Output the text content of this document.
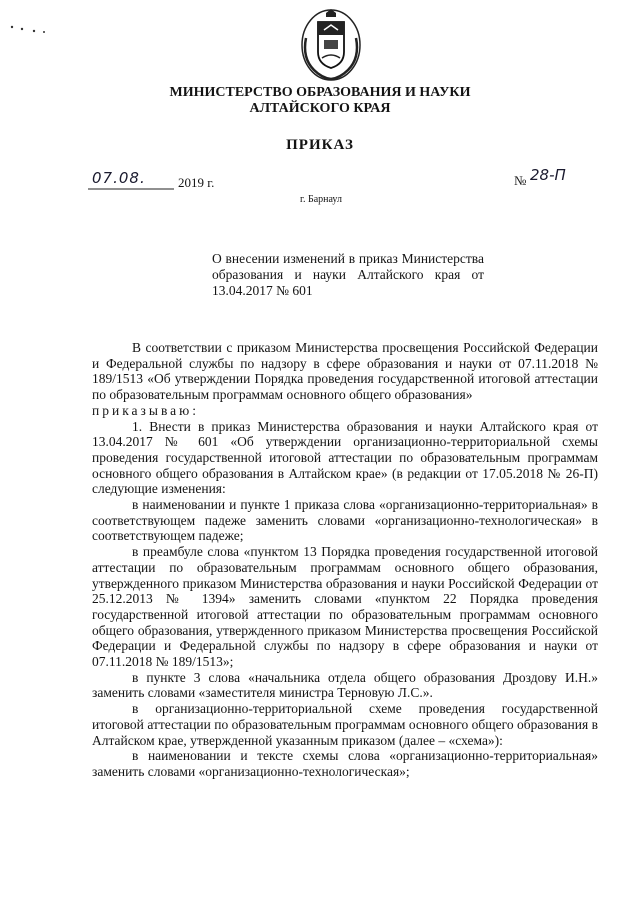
МИНИСТЕРСТВО ОБРАЗОВАНИЯ И НАУКИ
АЛТАЙСКОГО КРАЯ
ПРИКАЗ
07.08. 2019 г.	№ 28-П
г. Барнаул
О внесении изменений в приказ Министерства образования и науки Алтайского края от 13.04.2017 № 601

В соответствии с приказом Министерства просвещения Российской Федерации и Федеральной службы по надзору в сфере образования и науки от 07.11.2018 № 189/1513 «Об утверждении Порядка проведения государственной итоговой аттестации по образовательным программам основного общего образования»

приказываю:

1. Внести в приказ Министерства образования и науки Алтайского края от 13.04.2017 № 601 «Об утверждении организационно-территориальной схемы проведения государственной итоговой аттестации по образовательным программам основного общего образования в Алтайском крае» (в редакции от 17.05.2018 № 26-П) следующие изменения:

в наименовании и пункте 1 приказа слова «организационно-территориальная» в соответствующем падеже заменить словами «организационно-технологическая» в соответствующем падеже;

в преамбуле слова «пунктом 13 Порядка проведения государственной итоговой аттестации по образовательным программам основного общего образования, утвержденного приказом Министерства образования и науки Российской Федерации от 25.12.2013 № 1394» заменить словами «пунктом 22 Порядка проведения государственной итоговой аттестации по образовательным программам основного общего образования, утвержденного приказом Министерства просвещения Российской Федерации и Федеральной службы по надзору в сфере образования и науки от 07.11.2018 № 189/1513»;

в пункте 3 слова «начальника отдела общего образования Дроздову И.Н.» заменить словами «заместителя министра Терновую Л.С.».

в организационно-территориальной схеме проведения государственной итоговой аттестации по образовательным программам основного общего образования в Алтайском крае, утвержденной указанным приказом (далее – «схема»):

в наименовании и тексте схемы слова «организационно-территориальная» заменить словами «организационно-технологическая»;
